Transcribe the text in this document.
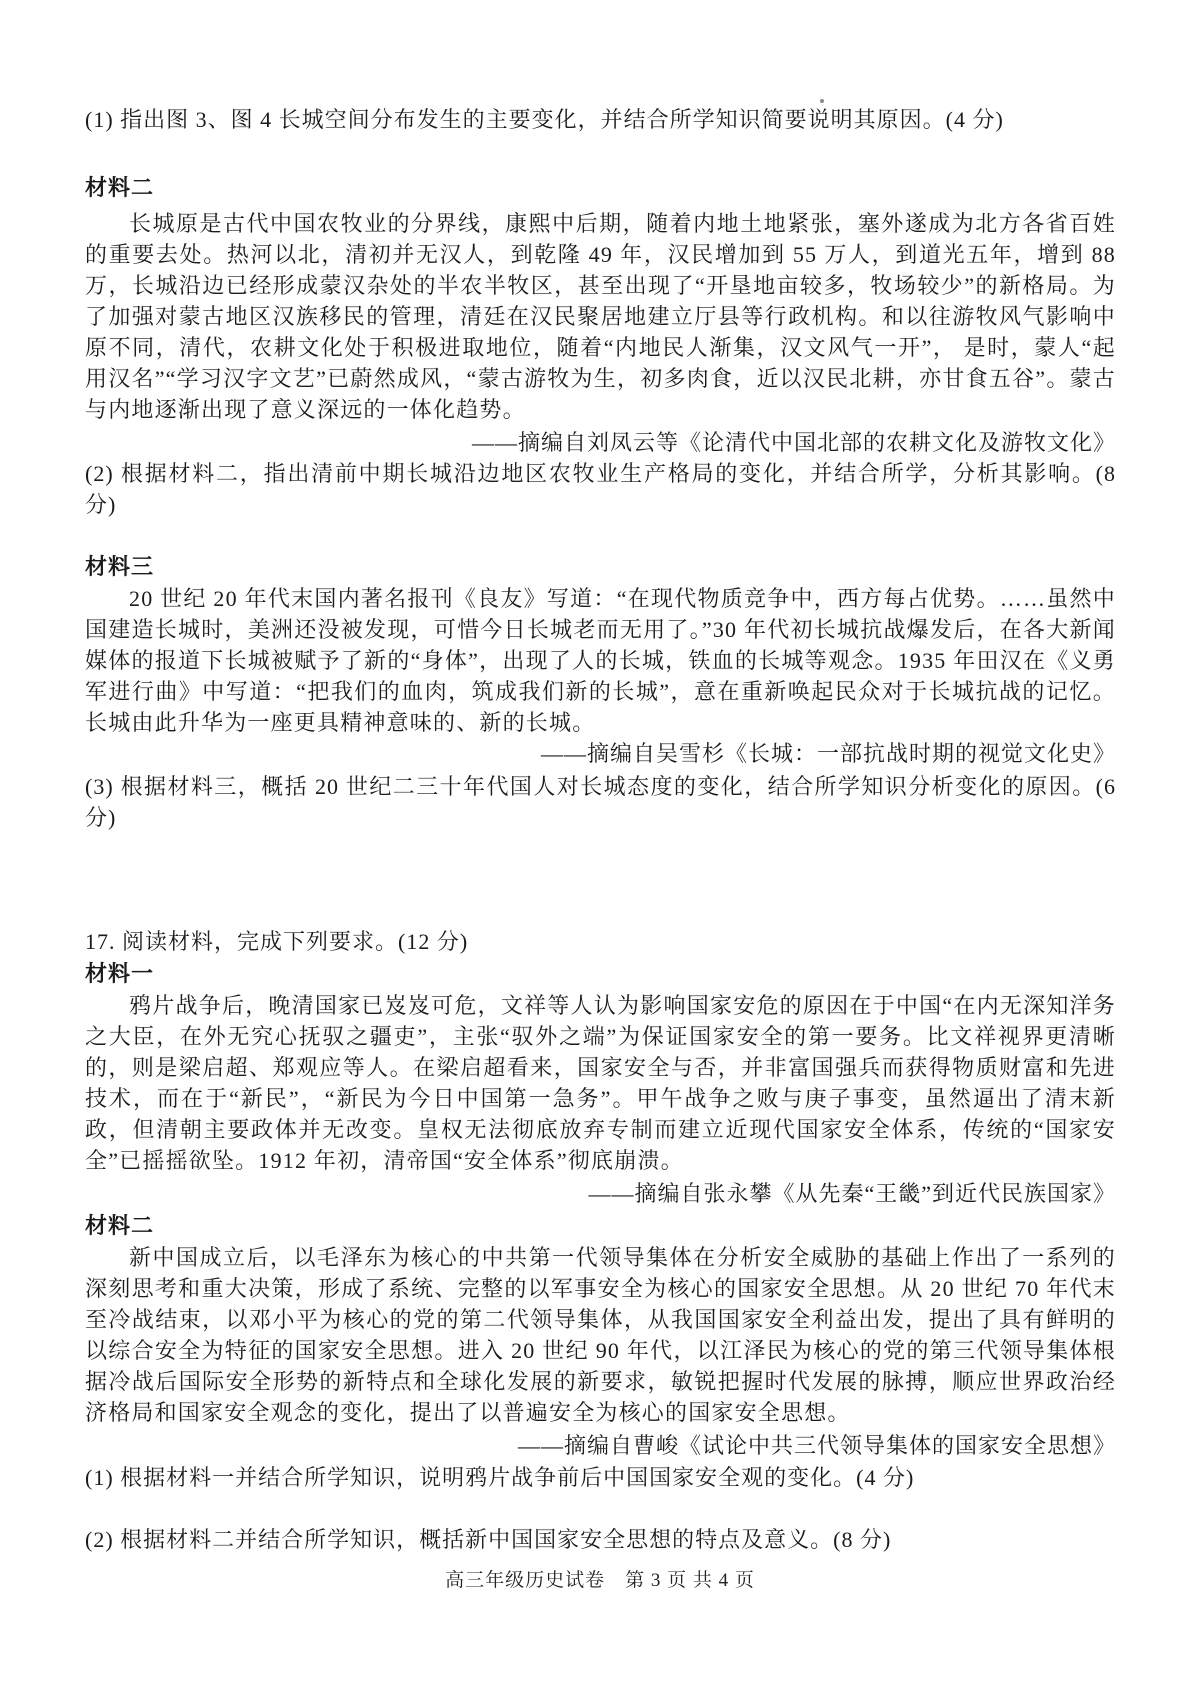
(1) 指出图 3、图 4 长城空间分布发生的主要变化，并结合所学知识简要说明其原因。(4 分)
材料二
长城原是古代中国农牧业的分界线，康熙中后期，随着内地土地紧张，塞外遂成为北方各省百姓的重要去处。热河以北，清初并无汉人，到乾隆 49 年，汉民增加到 55 万人，到道光五年，增到 88 万，长城沿边已经形成蒙汉杂处的半农半牧区，甚至出现了“开垦地亩较多，牧场较少”的新格局。为了加强对蒙古地区汉族移民的管理，清廷在汉民聚居地建立厅县等行政机构。和以往游牧风气影响中原不同，清代，农耕文化处于积极进取地位，随着“内地民人渐集，汉文风气一开”， 是时，蒙人“起用汉名”“学习汉字文艺”已蔚然成风，“蒙古游牧为生，初多肉食，近以汉民北耕，亦甘食五谷”。蒙古与内地逐渐出现了意义深远的一体化趋势。
——摘编自刘凤云等《论清代中国北部的农耕文化及游牧文化》
(2) 根据材料二，指出清前中期长城沿边地区农牧业生产格局的变化，并结合所学，分析其影响。(8 分)
材料三
20 世纪 20 年代末国内著名报刊《良友》写道：“在现代物质竞争中，西方每占优势。……虽然中国建造长城时，美洲还没被发现，可惜今日长城老而无用了。”30 年代初长城抗战爆发后，在各大新闻媒体的报道下长城被赋予了新的“身体”，出现了人的长城，铁血的长城等观念。1935 年田汉在《义勇军进行曲》中写道：“把我们的血肉，筑成我们新的长城”，意在重新唤起民众对于长城抗战的记忆。长城由此升华为一座更具精神意味的、新的长城。
——摘编自吴雪杉《长城：一部抗战时期的视觉文化史》
(3) 根据材料三，概括 20 世纪二三十年代国人对长城态度的变化，结合所学知识分析变化的原因。(6 分)
17. 阅读材料，完成下列要求。(12 分)
材料一
鸦片战争后，晚清国家已岌岌可危，文祥等人认为影响国家安危的原因在于中国“在内无深知洋务之大臣，在外无究心抚驭之疆吏”，主张“驭外之端”为保证国家安全的第一要务。比文祥视界更清晰的，则是梁启超、郑观应等人。在梁启超看来，国家安全与否，并非富国强兵而获得物质财富和先进技术，而在于“新民”，“新民为今日中国第一急务”。甲午战争之败与庚子事变，虽然逼出了清末新政，但清朝主要政体并无改变。皇权无法彻底放弃专制而建立近现代国家安全体系，传统的“国家安全”已摇摇欲坠。1912 年初，清帝国“安全体系”彻底崩溃。
——摘编自张永攀《从先秦“王畿”到近代民族国家》
材料二
新中国成立后，以毛泽东为核心的中共第一代领导集体在分析安全威胁的基础上作出了一系列的深刻思考和重大决策，形成了系统、完整的以军事安全为核心的国家安全思想。从 20 世纪 70 年代末至冷战结束，以邓小平为核心的党的第二代领导集体，从我国国家安全利益出发，提出了具有鲜明的以综合安全为特征的国家安全思想。进入 20 世纪 90 年代，以江泽民为核心的党的第三代领导集体根据冷战后国际安全形势的新特点和全球化发展的新要求，敏锐把握时代发展的脉搏，顺应世界政治经济格局和国家安全观念的变化，提出了以普遍安全为核心的国家安全思想。
——摘编自曹峻《试论中共三代领导集体的国家安全思想》
(1) 根据材料一并结合所学知识，说明鸦片战争前后中国国家安全观的变化。(4 分)
(2) 根据材料二并结合所学知识，概括新中国国家安全思想的特点及意义。(8 分)
高三年级历史试卷　第 3 页 共 4 页
